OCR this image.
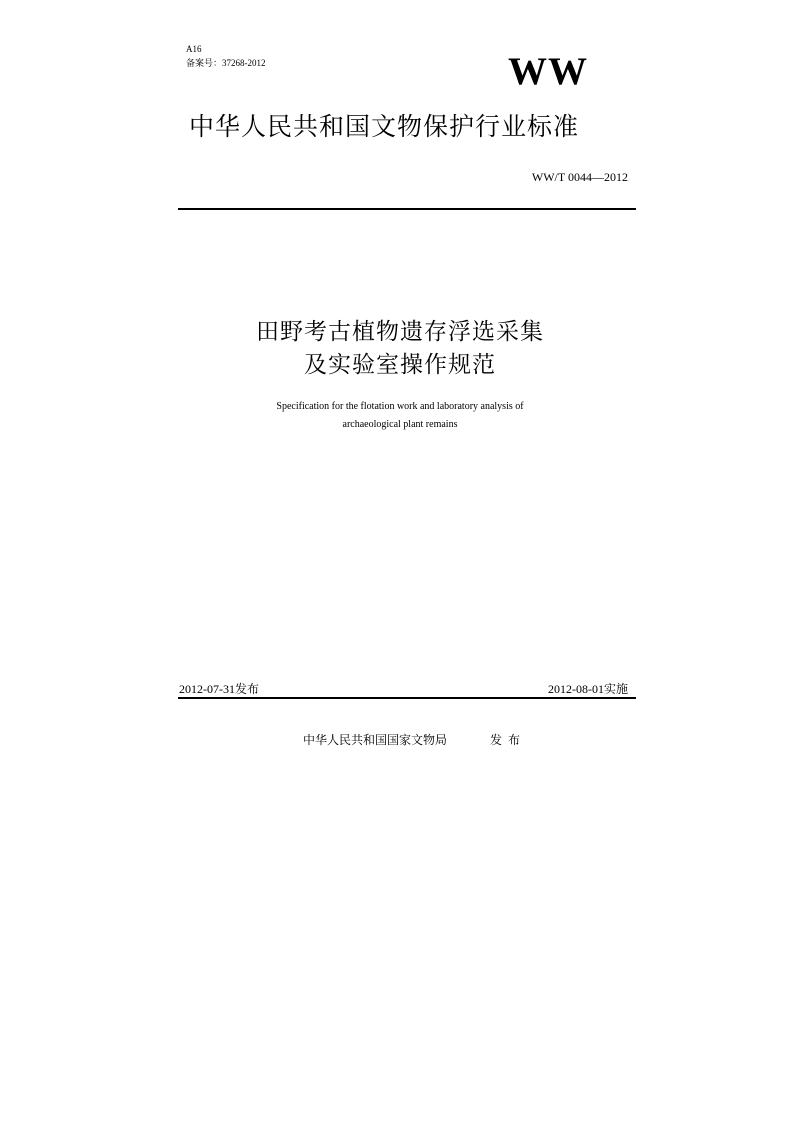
A16
备案号：37268-2012	WW
中华人民共和国文物保护行业标准
WW/T 0044—2012
田野考古植物遗存浮选采集
及实验室操作规范
Specification for the flotation work and laboratory analysis of
archaeological plant remains
2012-07-31发布	2012-08-01实施
中华人民共和国国家文物局	发布
